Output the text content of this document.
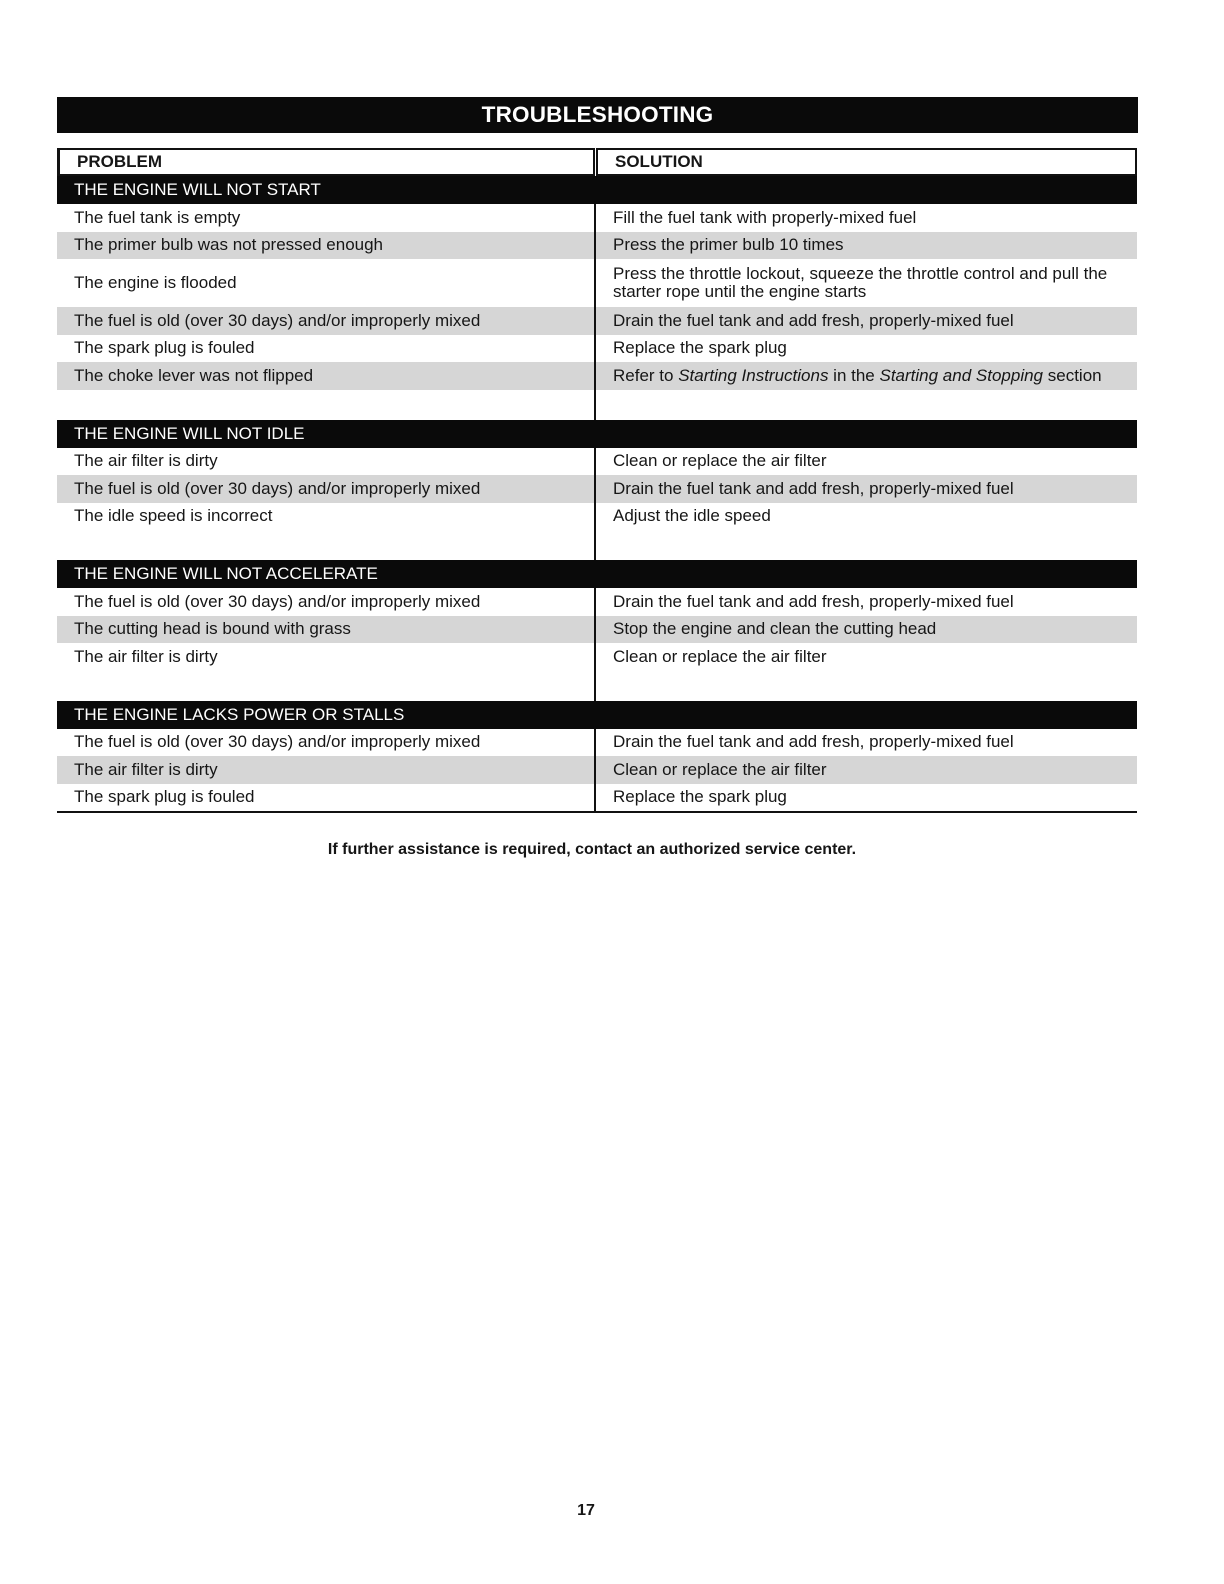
TROUBLESHOOTING
PROBLEM	SOLUTION
THE ENGINE WILL NOT START
The fuel tank is empty	Fill the fuel tank with properly-mixed fuel
The primer bulb was not pressed enough	Press the primer bulb 10 times
The engine is flooded	Press the throttle lockout, squeeze the throttle control and pull the starter rope until the engine starts
The fuel is old (over 30 days) and/or improperly mixed	Drain the fuel tank and add fresh, properly-mixed fuel
The spark plug is fouled	Replace the spark plug
The choke lever was not flipped	Refer to Starting Instructions in the Starting and Stopping section
THE ENGINE WILL NOT IDLE
The air filter is dirty	Clean or replace the air filter
The fuel is old (over 30 days) and/or improperly mixed	Drain the fuel tank and add fresh, properly-mixed fuel
The idle speed is incorrect	Adjust the idle speed
THE ENGINE WILL NOT ACCELERATE
The fuel is old (over 30 days) and/or improperly mixed	Drain the fuel tank and add fresh, properly-mixed fuel
The cutting head is bound with grass	Stop the engine and clean the cutting head
The air filter is dirty	Clean or replace the air filter
THE ENGINE LACKS POWER OR STALLS
The fuel is old (over 30 days) and/or improperly mixed	Drain the fuel tank and add fresh, properly-mixed fuel
The air filter is dirty	Clean or replace the air filter
The spark plug is fouled	Replace the spark plug
If further assistance is required, contact an authorized service center.
17
